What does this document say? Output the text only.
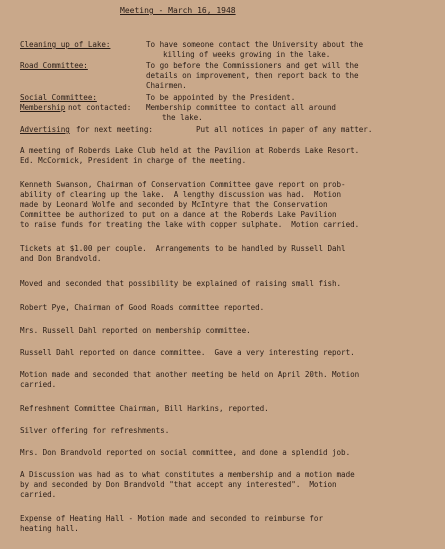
Meeting - March 16, 1948
Cleaning up of Lake:	To have someone contact the University about the
killing of weeks growing in the lake.
Road Committee:	To go before the Commissioners and get will the
details on improvement, then report back to the
Chairmen.
Social Committee:	To be appointed by the President.
Membership not contacted: Membership committee to contact all around
the lake.
Advertising for next meeting:	Put all notices in paper of any matter.
A meeting of Roberds Lake Club held at the Pavilion at Roberds Lake Resort.
Ed. McCormick, President in charge of the meeting.
Kenneth Swanson, Chairman of Conservation Committee gave report on prob-
ability of clearing up the lake.  A lengthy discussion was had.  Motion
made by Leonard Wolfe and seconded by McIntyre that the Conservation
Committee be authorized to put on a dance at the Roberds Lake Pavilion
to raise funds for treating the lake with copper sulphate.  Motion carried.
Tickets at $1.00 per couple.  Arrangements to be handled by Russell Dahl
and Don Brandvold.
Moved and seconded that possibility be explained of raising small fish.
Robert Pye, Chairman of Good Roads committee reported.
Mrs. Russell Dahl reported on membership committee.
Russell Dahl reported on dance committee.  Gave a very interesting report.
Motion made and seconded that another meeting be held on April 20th. Motion
carried.
Refreshment Committee Chairman, Bill Harkins, reported.
Silver offering for refreshments.
Mrs. Don Brandvold reported on social committee, and done a splendid job.
A Discussion was had as to what constitutes a membership and a motion made
by and seconded by Don Brandvold "that accept any interested".  Motion
carried.
Expense of Heating Hall - Motion made and seconded to reimburse for
heating hall.
